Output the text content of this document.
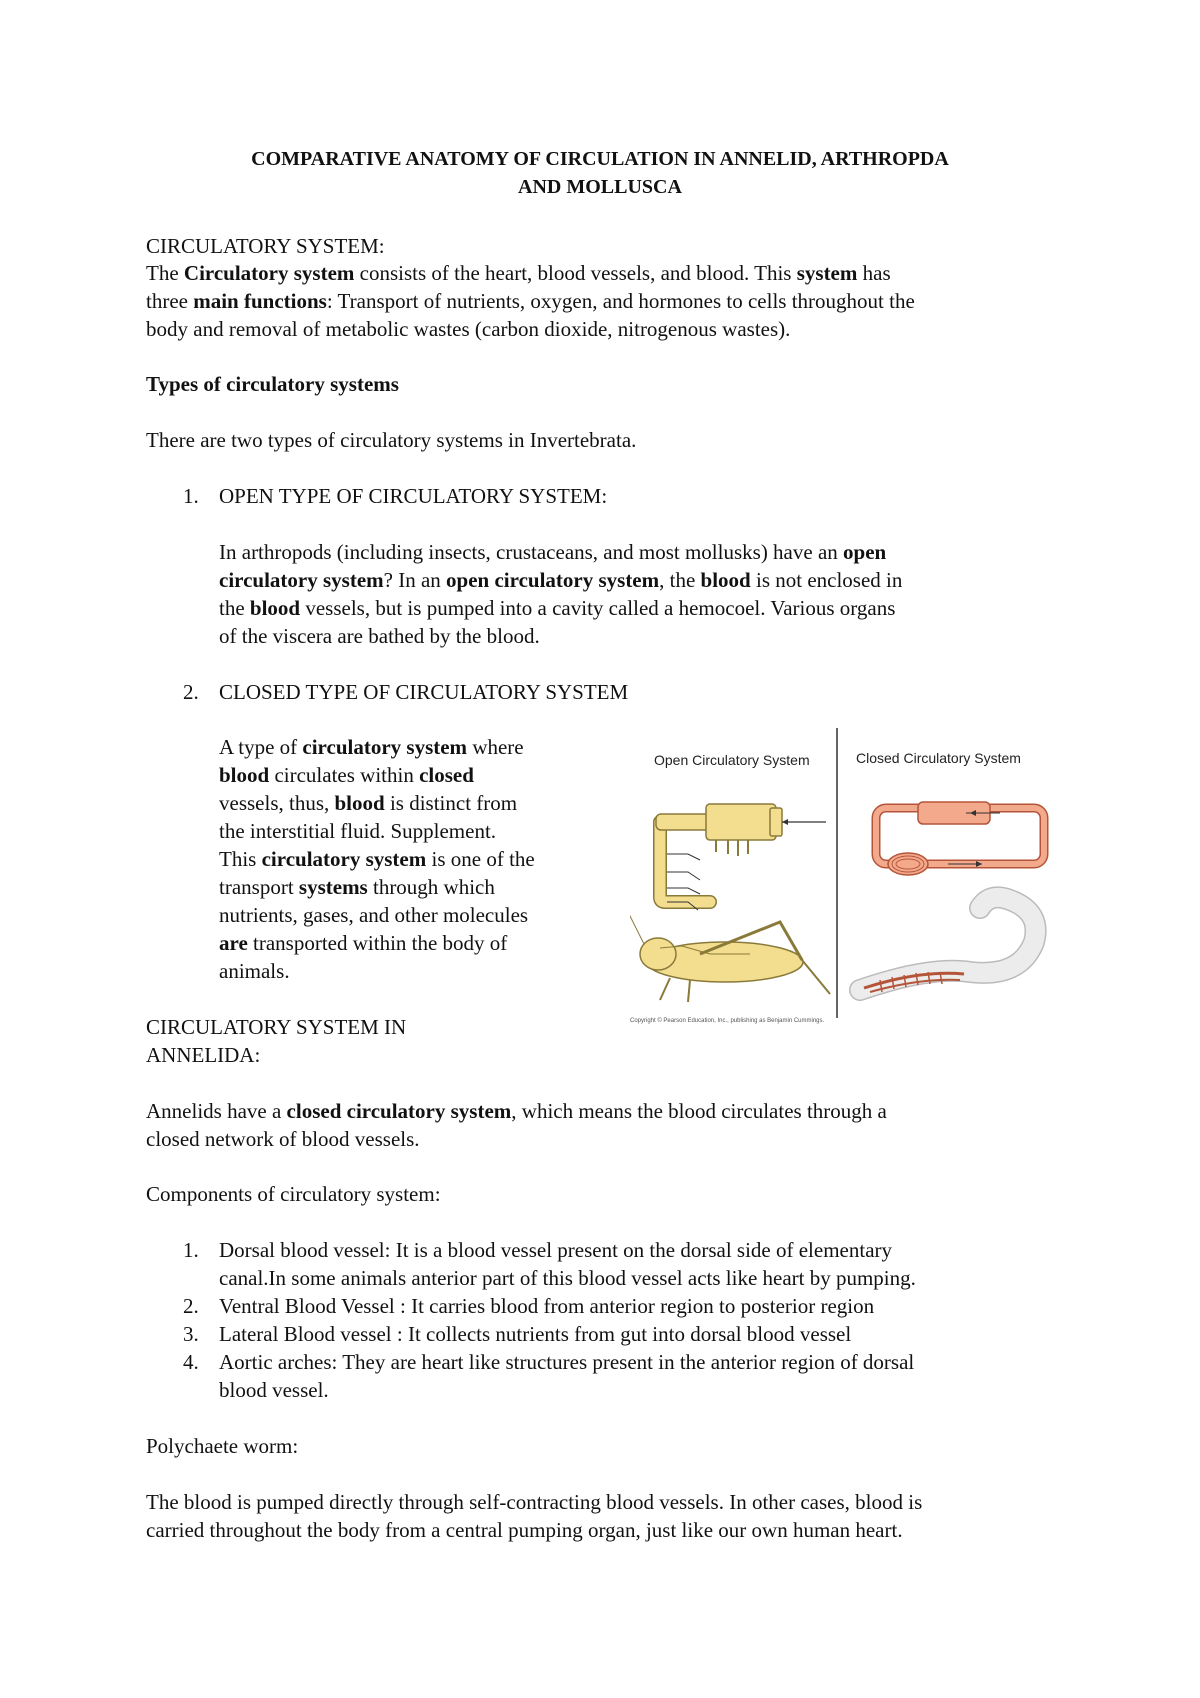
COMPARATIVE ANATOMY OF CIRCULATION IN ANNELID, ARTHROPDA
AND MOLLUSCA
CIRCULATORY SYSTEM:
The Circulatory system consists of the heart, blood vessels, and blood. This system has
three main functions: Transport of nutrients, oxygen, and hormones to cells throughout the
body and removal of metabolic wastes (carbon dioxide, nitrogenous wastes).
Types of circulatory systems
There are two types of circulatory systems in Invertebrata.
1. OPEN TYPE OF CIRCULATORY SYSTEM:
In arthropods (including insects, crustaceans, and most mollusks) have an open
circulatory system? In an open circulatory system, the blood is not enclosed in
the blood vessels, but is pumped into a cavity called a hemocoel. Various organs
of the viscera are bathed by the blood.
2. CLOSED TYPE OF CIRCULATORY SYSTEM
A type of circulatory system where
blood circulates within closed
vessels, thus, blood is distinct from
the interstitial fluid. Supplement.
This circulatory system is one of the
transport systems through which
nutrients, gases, and other molecules
are transported within the body of
animals.
Open Circulatory System	Closed Circulatory System
Copyright © Pearson Education, Inc., publishing as Benjamin Cummings.
CIRCULATORY SYSTEM IN
ANNELIDA:
Annelids have a closed circulatory system, which means the blood circulates through a
closed network of blood vessels.
Components of circulatory system:
1. Dorsal blood vessel: It is a blood vessel present on the dorsal side of elementary
canal.In some animals anterior part of this blood vessel acts like heart by pumping.
2. Ventral Blood Vessel : It carries blood from anterior region to posterior region
3. Lateral Blood vessel : It collects nutrients from gut into dorsal blood vessel
4. Aortic arches: They are heart like structures present in the anterior region of dorsal
blood vessel.
Polychaete worm:
The blood is pumped directly through self-contracting blood vessels. In other cases, blood is
carried throughout the body from a central pumping organ, just like our own human heart.
